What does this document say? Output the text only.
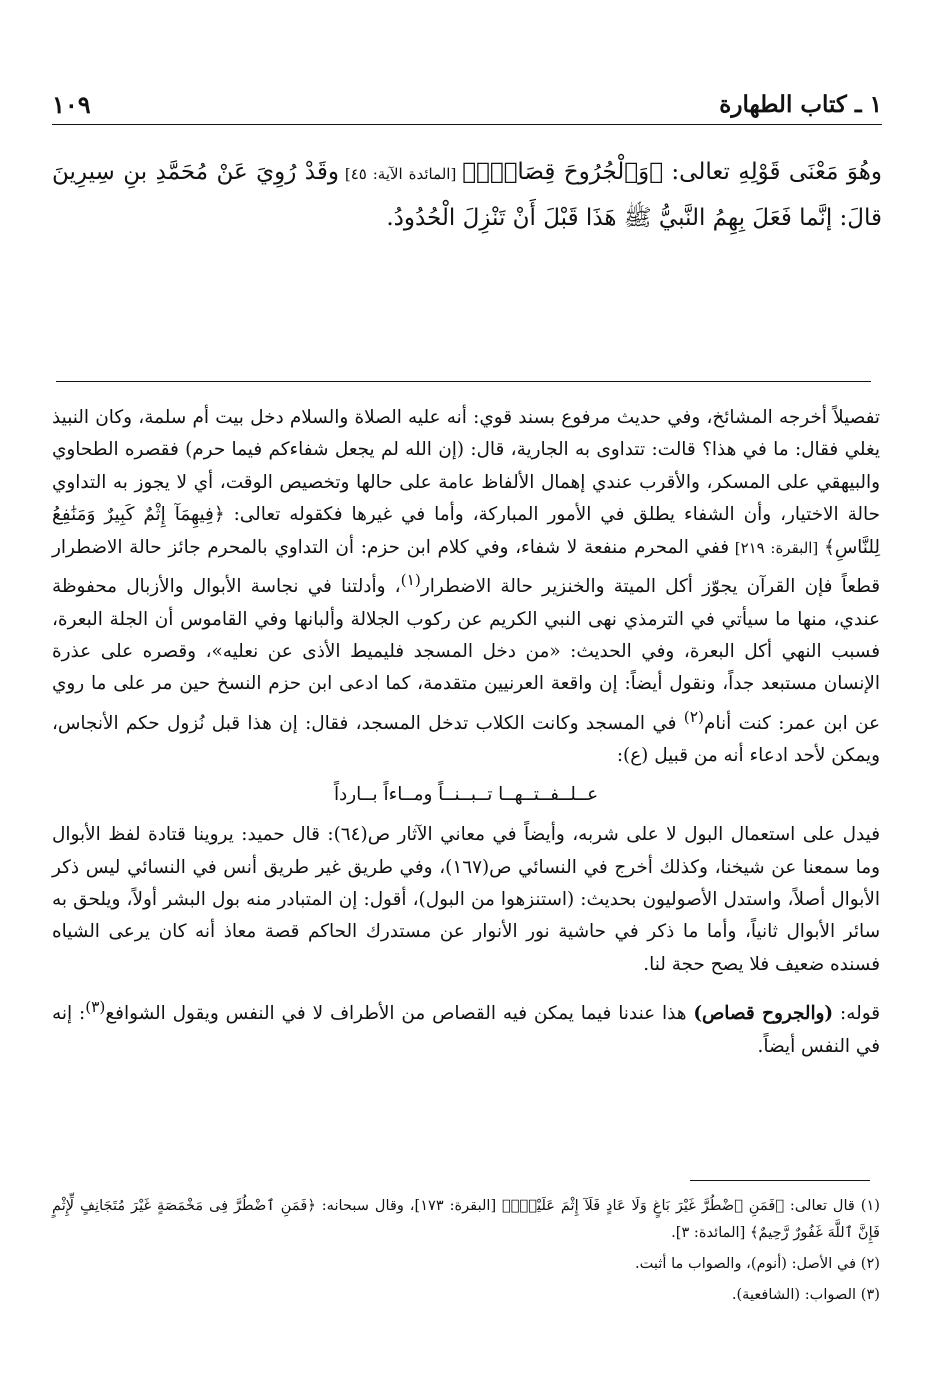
١ ـ كتاب الطهارة
١٠٩

وهُوَ مَعْنَى قَوْلِهِ تعالى: ﴿وَٱلْجُرُوحَ قِصَاصٌۚ﴾ [المائدة الآية: ٤٥] وقَدْ رُوِيَ عَنْ مُحَمَّدِ بنِ سِيرِينَ قالَ: إنَّما فَعَلَ بِهِمُ النَّبيُّ ﷺ هَذَا قَبْلَ أَنْ تَنْزِلَ الْحُدُودُ.

تفصيلاً أخرجه المشائخ، وفي حديث مرفوع بسند قوي: أنه عليه الصلاة والسلام دخل بيت أم سلمة، وكان النبيذ يغلي فقال: ما في هذا؟ قالت: تتداوى به الجارية، قال: (إن الله لم يجعل شفاءكم فيما حرم) فقصره الطحاوي والبيهقي على المسكر، والأقرب عندي إهمال الألفاظ عامة على حالها وتخصيص الوقت، أي لا يجوز به التداوي حالة الاختيار، وأن الشفاء يطلق في الأمور المباركة، وأما في غيرها فكقوله تعالى: ﴿فِيهِمَآ إِثْمٌ كَبِيرٌ وَمَنَٰفِعُ لِلنَّاسِ﴾ [البقرة: ٢١٩] ففي المحرم منفعة لا شفاء، وفي كلام ابن حزم: أن التداوي بالمحرم جائز حالة الاضطرار قطعاً فإن القرآن يجوّز أكل الميتة والخنزير حالة الاضطرار$^{(١)}$، وأدلتنا في نجاسة الأبوال والأزبال محفوظة عندي، منها ما سيأتي في الترمذي نهى النبي الكريم عن ركوب الجلالة وألبانها وفي القاموس أن الجلة البعرة، فسبب النهي أكل البعرة، وفي الحديث: «من دخل المسجد فليميط الأذى عن نعليه»، وقصره على عذرة الإنسان مستبعد جداً، ونقول أيضاً: إن واقعة العرنيين متقدمة، كما ادعى ابن حزم النسخ حين مر على ما روي عن ابن عمر: كنت أنام$^{(٢)}$ في المسجد وكانت الكلاب تدخل المسجد، فقال: إن هذا قبل نُزول حكم الأنجاس، ويمكن لأحد ادعاء أنه من قبيل (ع):

عــلــفــتــهــا تــبــنــاً ومــاءاً بــارداً

فيدل على استعمال البول لا على شربه، وأيضاً في معاني الآثار ص(٦٤): قال حميد: يروينا قتادة لفظ الأبوال وما سمعنا عن شيخنا، وكذلك أخرج في النسائي ص(١٦٧)، وفي طريق غير طريق أنس في النسائي ليس ذكر الأبوال أصلاً، واستدل الأصوليون بحديث: (استنزهوا من البول)، أقول: إن المتبادر منه بول البشر أولاً، ويلحق به سائر الأبوال ثانياً، وأما ما ذكر في حاشية نور الأنوار عن مستدرك الحاكم قصة معاذ أنه كان يرعى الشياه فسنده ضعيف فلا يصح حجة لنا.

قوله: (والجروح قصاص) هذا عندنا فيما يمكن فيه القصاص من الأطراف لا في النفس ويقول الشوافع$^{(٣)}$: إنه في النفس أيضاً.

(١) قال تعالى: ﴿فَمَنِ ٱضْطُرَّ غَيْرَ بَاغٍ وَلَا عَادٍ فَلَآ إِثْمَ عَلَيْهِۚ﴾ [البقرة: ١٧٣]، وقال سبحانه: ﴿فَمَنِ ٱضْطُرَّ فِى مَخْمَصَةٍ غَيْرَ مُتَجَانِفٍ لِّإِثْمٍ فَإِنَّ ٱللَّهَ غَفُورٌ رَّحِيمٌ﴾ [المائدة: ٣].

(٢) في الأصل: (أنوم)، والصواب ما أثبت.

(٣) الصواب: (الشافعية).
